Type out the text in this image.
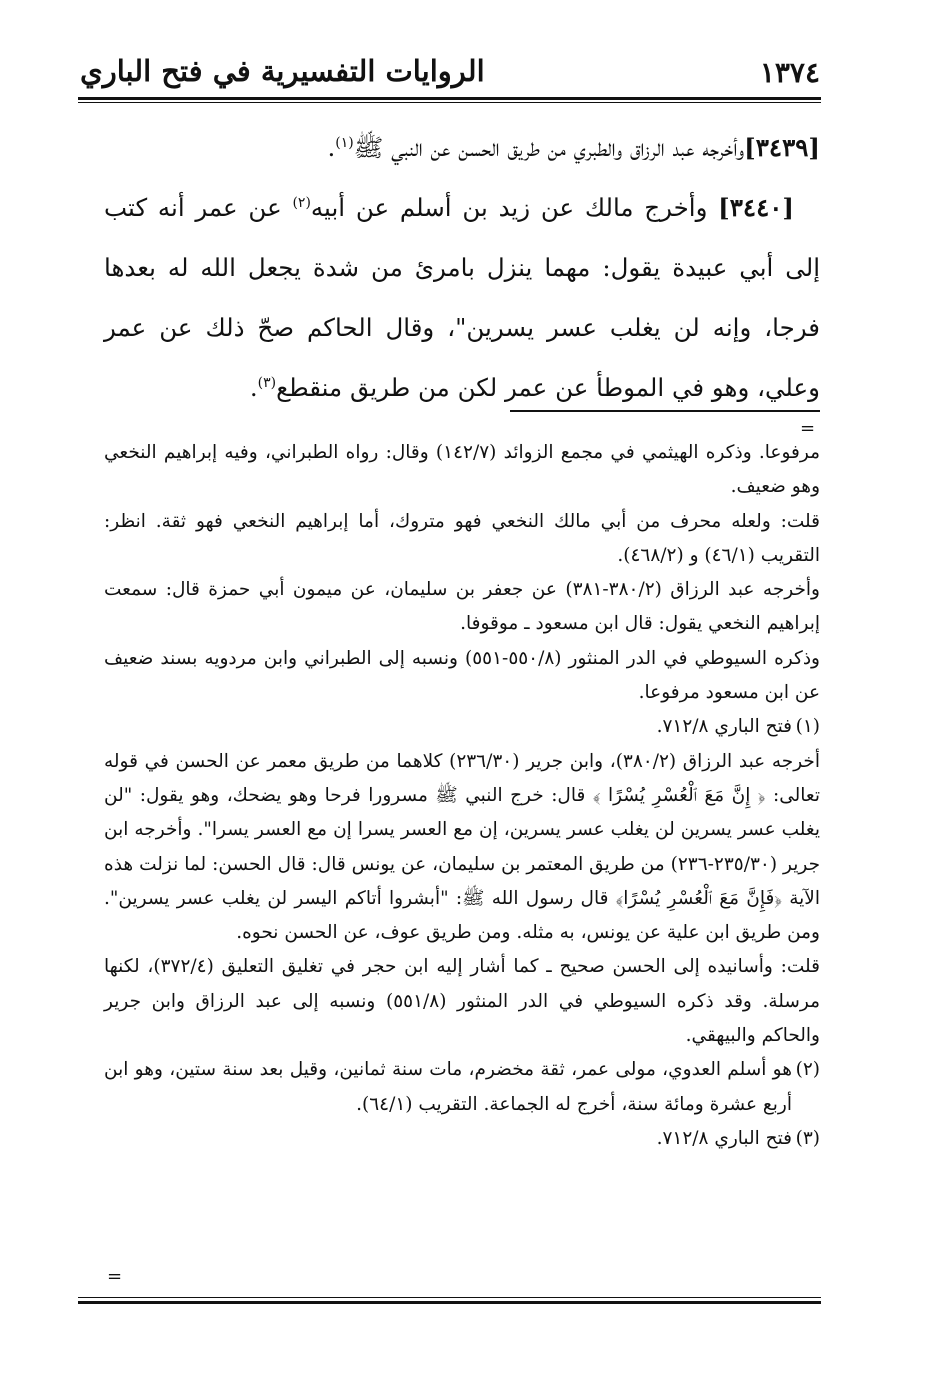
١٣٧٤
الروايات التفسيرية في فتح الباري

[٣٤٣٩]وأخرجه عبد الرزاق والطبري من طريق الحسن عن النبي ﷺ$^{(١)}$.

[٣٤٤٠] وأخرج مالك عن زيد بن أسلم عن أبيه$^{(٢)}$ عن عمر أنه كتب إلى أبي عبيدة يقول: مهما ينزل بامرئ من شدة يجعل الله له بعدها فرجا، وإنه لن يغلب عسر يسرين"، وقال الحاكم صحّ ذلك عن عمر وعلي، وهو في الموطأ عن عمر لكن من طريق منقطع$^{(٣)}$.

=

مرفوعا. وذكره الهيثمي في مجمع الزوائد (١٤٢/٧) وقال: رواه الطبراني، وفيه إبراهيم النخعي وهو ضعيف.

قلت: ولعله محرف من أبي مالك النخعي فهو متروك، أما إبراهيم النخعي فهو ثقة. انظر: التقريب (٤٦/١) و (٤٦٨/٢).

وأخرجه عبد الرزاق (٣٨٠/٢-٣٨١) عن جعفر بن سليمان، عن ميمون أبي حمزة قال: سمعت إبراهيم النخعي يقول: قال ابن مسعود ـ موقوفا.

وذكره السيوطي في الدر المنثور (٥٥٠/٨-٥٥١) ونسبه إلى الطبراني وابن مردويه بسند ضعيف عن ابن مسعود مرفوعا.

(١)
فتح الباري ٧١٢/٨.

أخرجه عبد الرزاق (٣٨٠/٢)، وابن جرير (٢٣٦/٣٠) كلاهما من طريق معمر عن الحسن في قوله تعالى: ﴿ إِنَّ مَعَ ٱلْعُسْرِ يُسْرًا ﴾ قال: خرج النبي ﷺ مسرورا فرحا وهو يضحك، وهو يقول: "لن يغلب عسر يسرين لن يغلب عسر يسرين، إن مع العسر يسرا إن مع العسر يسرا". وأخرجه ابن جرير (٢٣٥/٣٠-٢٣٦) من طريق المعتمر بن سليمان، عن يونس قال: قال الحسن: لما نزلت هذه الآية ﴿فَإِنَّ مَعَ ٱلْعُسْرِ يُسْرًا﴾ قال رسول الله ﷺ: "أبشروا أتاكم اليسر لن يغلب عسر يسرين". ومن طريق ابن علية عن يونس، به مثله. ومن طريق عوف، عن الحسن نحوه.

قلت: وأسانيده إلى الحسن صحيح ـ كما أشار إليه ابن حجر في تغليق التعليق (٣٧٢/٤)، لكنها مرسلة. وقد ذكره السيوطي في الدر المنثور (٥٥١/٨) ونسبه إلى عبد الرزاق وابن جرير والحاكم والبيهقي.

(٢)
هو أسلم العدوي، مولى عمر، ثقة مخضرم، مات سنة ثمانين، وقيل بعد سنة ستين، وهو ابن أربع عشرة ومائة سنة، أخرج له الجماعة. التقريب (٦٤/١).

(٣)
فتح الباري ٧١٢/٨.

=
